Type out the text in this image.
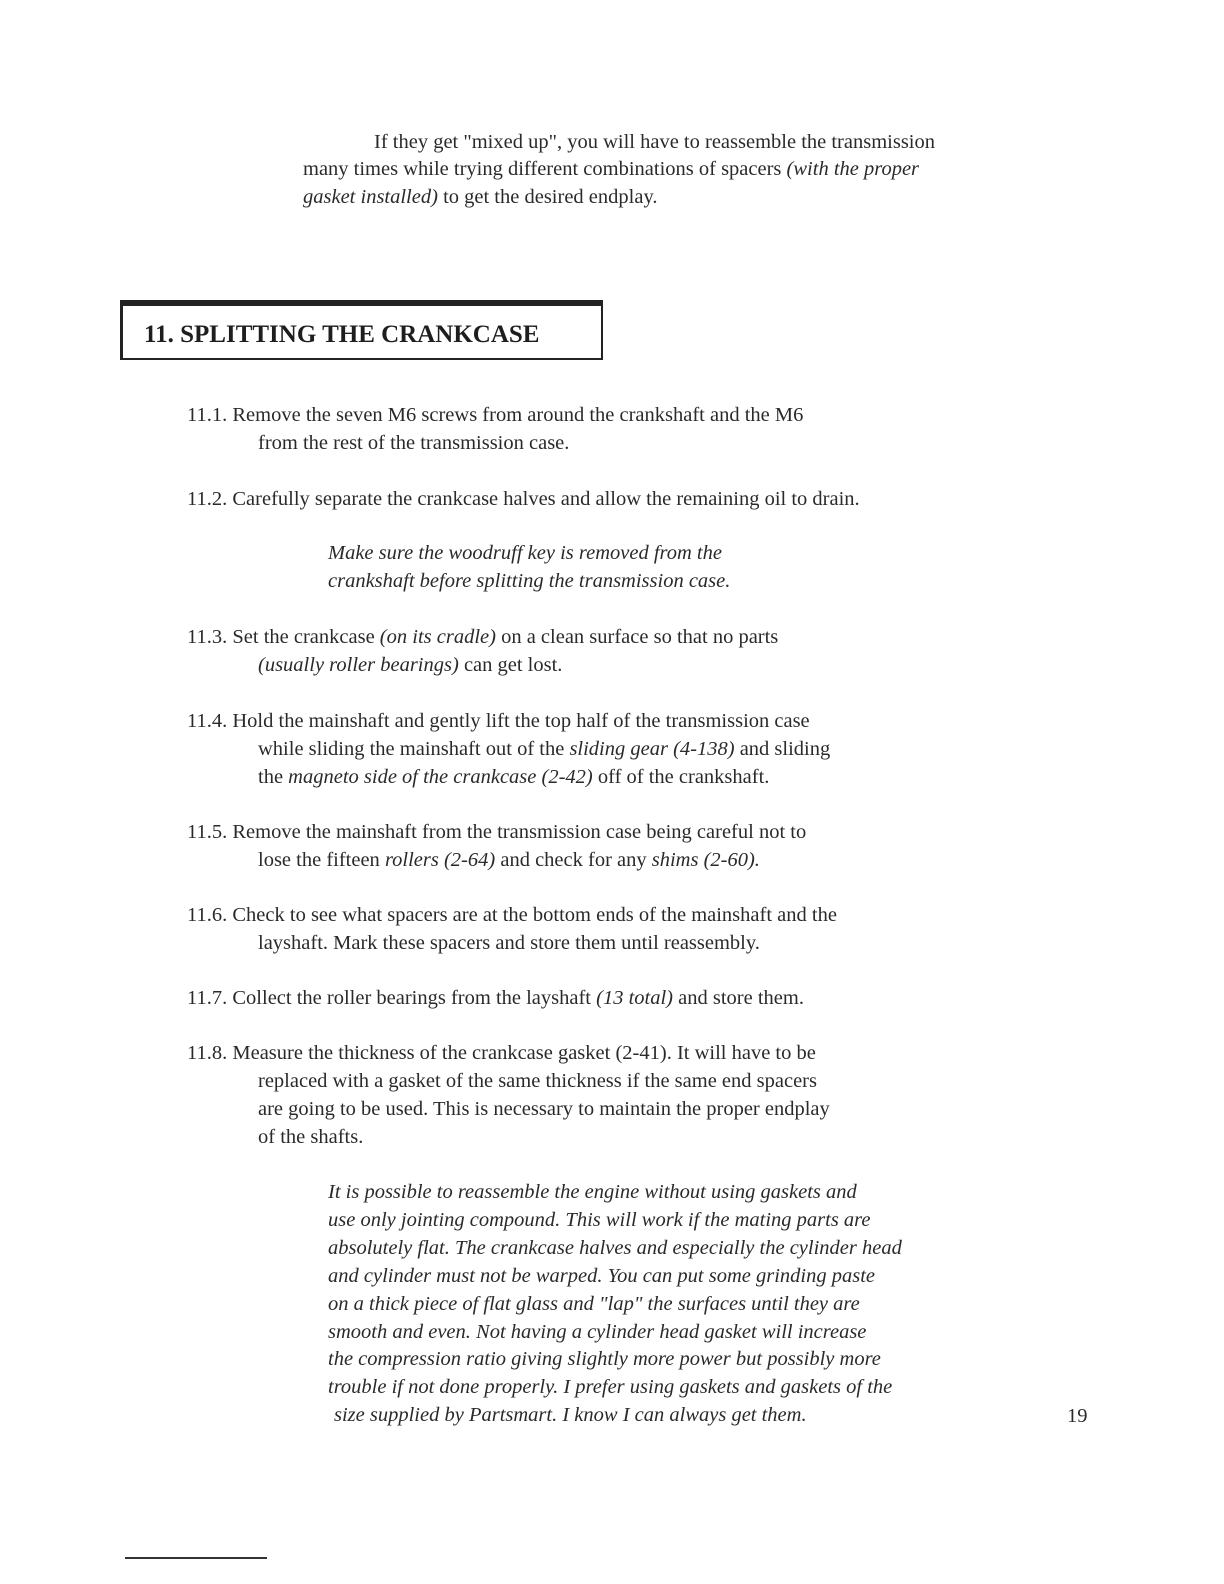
If they get "mixed up", you will have to reassemble the transmission
many times while trying different combinations of spacers (with the proper
gasket installed) to get the desired endplay.
11. SPLITTING THE CRANKCASE
11.1. Remove the seven M6 screws from around the crankshaft and the M6
from the rest of the transmission case.
11.2. Carefully separate the crankcase halves and allow the remaining oil to drain.
Make sure the woodruff key is removed from the
crankshaft before splitting the transmission case.
11.3. Set the crankcase (on its cradle) on a clean surface so that no parts
(usually roller bearings) can get lost.
11.4. Hold the mainshaft and gently lift the top half of the transmission case
while sliding the mainshaft out of the sliding gear (4-138) and sliding
the magneto side of the crankcase (2-42) off of the crankshaft.
11.5. Remove the mainshaft from the transmission case being careful not to
lose the fifteen rollers (2-64) and check for any shims (2-60).
11.6. Check to see what spacers are at the bottom ends of the mainshaft and the
layshaft. Mark these spacers and store them until reassembly.
11.7. Collect the roller bearings from the layshaft (13 total) and store them.
11.8. Measure the thickness of the crankcase gasket (2-41). It will have to be
replaced with a gasket of the same thickness if the same end spacers
are going to be used. This is necessary to maintain the proper endplay
of the shafts.
It is possible to reassemble the engine without using gaskets and
use only jointing compound. This will work if the mating parts are
absolutely flat. The crankcase halves and especially the cylinder head
and cylinder must not be warped. You can put some grinding paste
on a thick piece of flat glass and "lap" the surfaces until they are
smooth and even. Not having a cylinder head gasket will increase
the compression ratio giving slightly more power but possibly more
trouble if not done properly. I prefer using gaskets and gaskets of the
size supplied by Partsmart. I know I can always get them.	19
